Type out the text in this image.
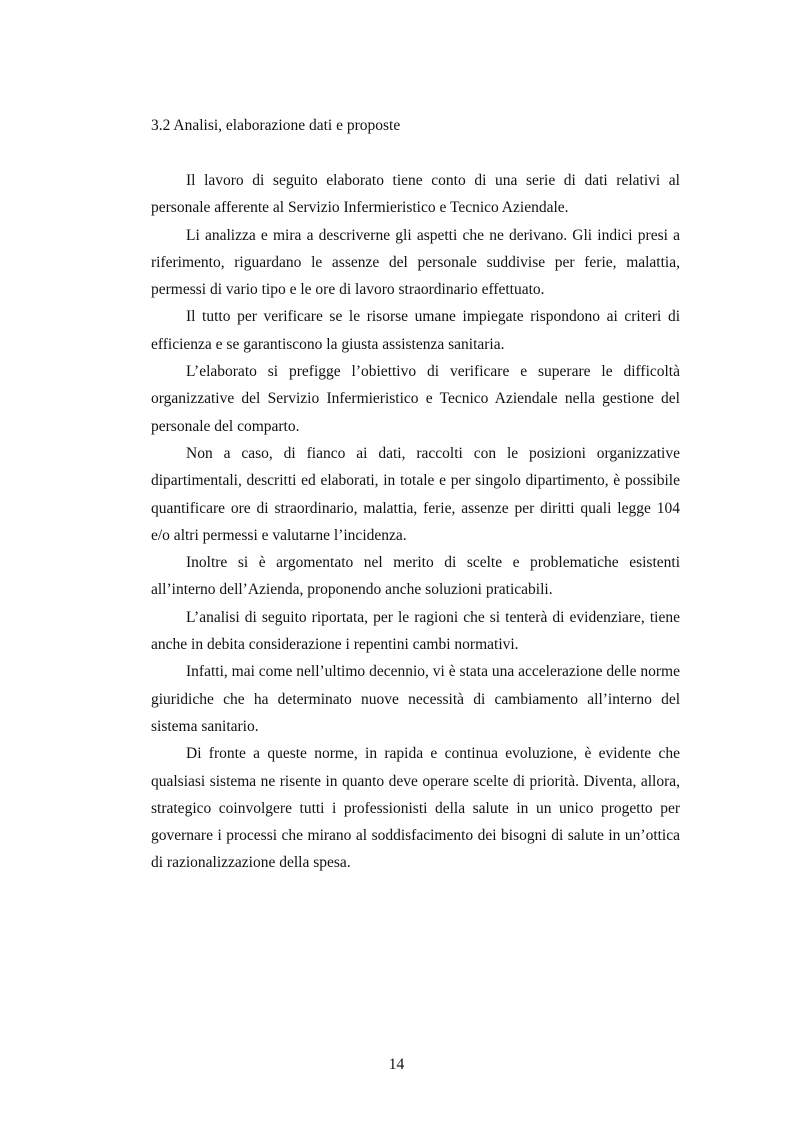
3.2 Analisi, elaborazione dati e proposte

Il lavoro di seguito elaborato tiene conto di una serie di dati relativi al personale afferente al Servizio Infermieristico e Tecnico Aziendale.

Li analizza e mira a descriverne gli aspetti che ne derivano. Gli indici presi a riferimento, riguardano le assenze del personale suddivise per ferie, malattia, permessi di vario tipo e le ore di lavoro straordinario effettuato.

Il tutto per verificare se le risorse umane impiegate rispondono ai criteri di efficienza e se garantiscono la giusta assistenza sanitaria.

L’elaborato si prefigge l’obiettivo di verificare e superare le difficoltà organizzative del Servizio Infermieristico e Tecnico Aziendale nella gestione del personale del comparto.

Non a caso, di fianco ai dati, raccolti con le posizioni organizzative dipartimentali, descritti ed elaborati, in totale e per singolo dipartimento, è possibile quantificare ore di straordinario, malattia, ferie, assenze per diritti quali legge 104 e/o altri permessi e valutarne l’incidenza.

Inoltre si è argomentato nel merito di scelte e problematiche esistenti all’interno dell’Azienda, proponendo anche soluzioni praticabili.

L’analisi di seguito riportata, per le ragioni che si tenterà di evidenziare, tiene anche in debita considerazione i repentini cambi normativi.

Infatti, mai come nell’ultimo decennio, vi è stata una accelerazione delle norme giuridiche che ha determinato nuove necessità di cambiamento all’interno del sistema sanitario.

Di fronte a queste norme, in rapida e continua evoluzione, è evidente che qualsiasi sistema ne risente in quanto deve operare scelte di priorità. Diventa, allora, strategico coinvolgere tutti i professionisti della salute in un unico progetto per governare i processi che mirano al soddisfacimento dei bisogni di salute in un’ottica di razionalizzazione della spesa.

14
